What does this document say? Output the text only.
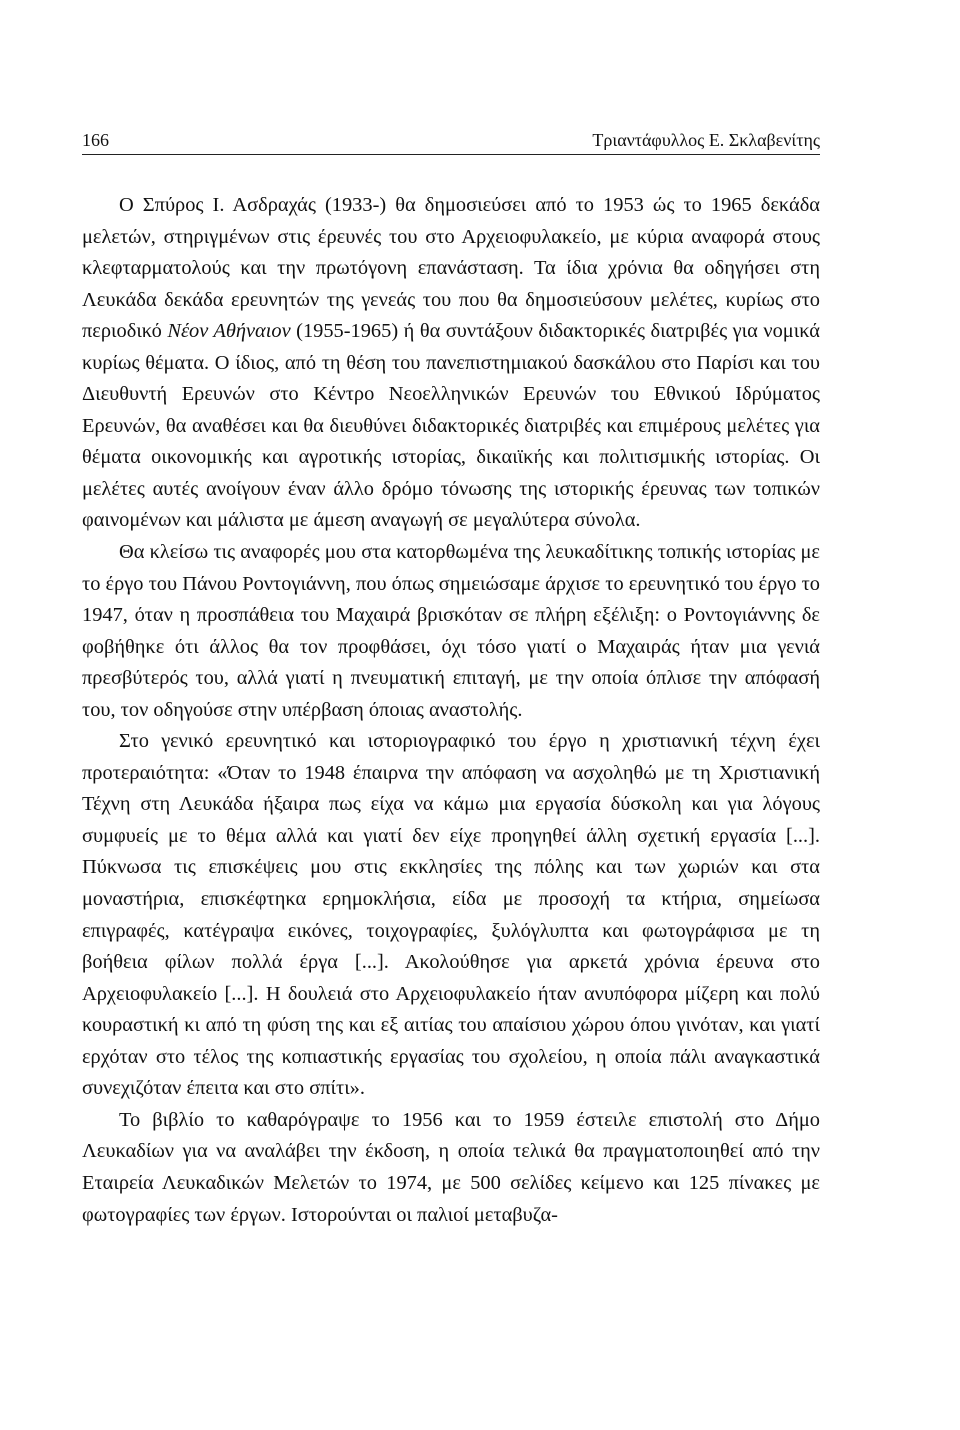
166	Τριαντάφυλλος Ε. Σκλαβενίτης

Ο Σπύρος Ι. Ασδραχάς (1933-) θα δημοσιεύσει από το 1953 ώς το 1965 δεκάδα μελετών, στηριγμένων στις έρευνές του στο Αρχειοφυλακείο, με κύρια αναφορά στους κλεφταρματολούς και την πρωτόγονη επανάσταση. Τα ίδια χρόνια θα οδηγήσει στη Λευκάδα δεκάδα ερευνητών της γενεάς του που θα δημοσιεύσουν μελέτες, κυρίως στο περιοδικό Νέον Αθήναιον (1955-1965) ή θα συντάξουν διδακτορικές διατριβές για νομικά κυρίως θέματα. Ο ίδιος, από τη θέση του πανεπιστημιακού δασκάλου στο Παρίσι και του Διευθυντή Ερευνών στο Κέντρο Νεοελληνικών Ερευνών του Εθνικού Ιδρύματος Ερευνών, θα αναθέσει και θα διευθύνει διδακτορικές διατριβές και επιμέρους μελέτες για θέματα οικονομικής και αγροτικής ιστορίας, δικαιϊκής και πολιτισμικής ιστορίας. Οι μελέτες αυτές ανοίγουν έναν άλλο δρόμο τόνωσης της ιστορικής έρευνας των τοπικών φαινομένων και μάλιστα με άμεση αναγωγή σε μεγαλύτερα σύνολα.

Θα κλείσω τις αναφορές μου στα κατορθωμένα της λευκαδίτικης τοπικής ιστορίας με το έργο του Πάνου Ροντογιάννη, που όπως σημειώσαμε άρχισε το ερευνητικό του έργο το 1947, όταν η προσπάθεια του Μαχαιρά βρισκόταν σε πλήρη εξέλιξη: ο Ροντογιάννης δε φοβήθηκε ότι άλλος θα τον προφθάσει, όχι τόσο γιατί ο Μαχαιράς ήταν μια γενιά πρεσβύτερός του, αλλά γιατί η πνευματική επιταγή, με την οποία όπλισε την απόφασή του, τον οδηγούσε στην υπέρβαση όποιας αναστολής.

Στο γενικό ερευνητικό και ιστοριογραφικό του έργο η χριστιανική τέχνη έχει προτεραιότητα: «Όταν το 1948 έπαιρνα την απόφαση να ασχοληθώ με τη Χριστιανική Τέχνη στη Λευκάδα ήξαιρα πως είχα να κάμω μια εργασία δύσκολη και για λόγους συμφυείς με το θέμα αλλά και γιατί δεν είχε προηγηθεί άλλη σχετική εργασία [...]. Πύκνωσα τις επισκέψεις μου στις εκκλησίες της πόλης και των χωριών και στα μοναστήρια, επισκέφτηκα ερημοκλήσια, είδα με προσοχή τα κτήρια, σημείωσα επιγραφές, κατέγραψα εικόνες, τοιχογραφίες, ξυλόγλυπτα και φωτογράφισα με τη βοήθεια φίλων πολλά έργα [...]. Ακολούθησε για αρκετά χρόνια έρευνα στο Αρχειοφυλακείο [...]. Η δουλειά στο Αρχειοφυλακείο ήταν ανυπόφορα μίζερη και πολύ κουραστική κι από τη φύση της και εξ αιτίας του απαίσιου χώρου όπου γινόταν, και γιατί ερχόταν στο τέλος της κοπιαστικής εργασίας του σχολείου, η οποία πάλι αναγκαστικά συνεχιζόταν έπειτα και στο σπίτι».

Το βιβλίο το καθαρόγραψε το 1956 και το 1959 έστειλε επιστολή στο Δήμο Λευκαδίων για να αναλάβει την έκδοση, η οποία τελικά θα πραγματοποιηθεί από την Εταιρεία Λευκαδικών Μελετών το 1974, με 500 σελίδες κείμενο και 125 πίνακες με φωτογραφίες των έργων. Ιστορούνται οι παλιοί μεταβυζα-
